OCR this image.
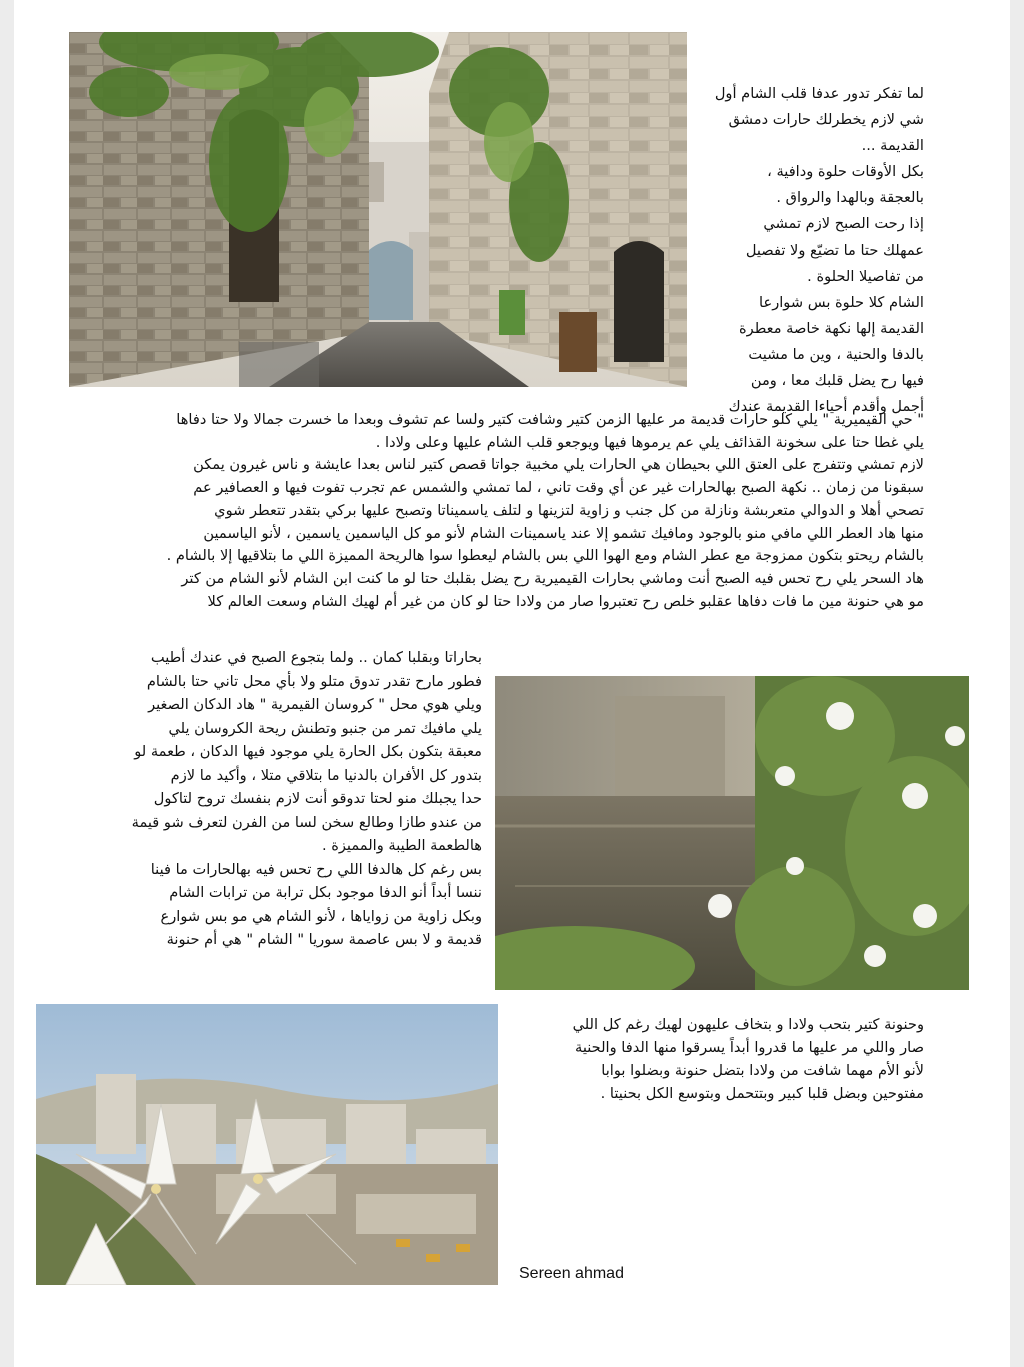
لما تفكر تدور عدفا قلب الشام أول

شي لازم يخطرلك حارات دمشق

القديمة ...

بكل الأوقات حلوة ودافية ،

بالعجقة وبالهدا والرواق .

إذا رحت الصبح لازم تمشي

عمهلك حتا ما تضيّع ولا تفصيل

من تفاصيلا الحلوة .

الشام كلا حلوة بس شوارعا

القديمة إلها نكهة خاصة معطرة

بالدفا والحنية ، وين ما مشيت

فيها رح يضل قلبك معا ، ومن

أجمل وأقدم أحياءا القديمة عندك

" حي القيميرية " يلي كلو حارات قديمة مر عليها الزمن كتير وشافت كتير ولسا عم تشوف وبعدا ما خسرت جمالا ولا حتا دفاها

يلي غطا حتا على سخونة القذائف يلي عم يرموها فيها ويوجعو قلب الشام عليها وعلى ولادا .

لازم تمشي وتتفرج على العتق اللي بحيطان هي الحارات يلي مخبية جواتا قصص كتير لناس بعدا عايشة و ناس غيرون يمكن

سبقونا من زمان .. نكهة الصبح بهالحارات غير عن أي وقت تاني ، لما تمشي والشمس عم تجرب تفوت فيها و العصافير عم

تصحي أهلا و الدوالي متعربشة ونازلة من كل جنب و زاوية لتزينها و لتلف ياسميناتا وتصبح عليها بركي بتقدر تتعطر شوي

منها هاد العطر اللي مافي منو بالوجود ومافيك تشمو إلا عند ياسمينات الشام لأنو مو كل الياسمين ياسمين ، لأنو الياسمين

بالشام ريحتو بتكون ممزوجة مع عطر الشام ومع الهوا اللي بس بالشام ليعطوا سوا هالريحة المميزة اللي ما بتلاقيها إلا بالشام .

هاد السحر يلي رح تحس فيه الصبح أنت وماشي بحارات القيميرية رح يضل بقلبك حتا لو ما كنت ابن الشام لأنو الشام من كتر

مو هي حنونة مين ما فات دفاها عقلبو خلص رح تعتبروا صار من ولادا حتا لو كان من غير أم لهيك الشام وسعت العالم كلا

بحاراتا وبقلبا كمان .. ولما بتجوع الصبح في عندك أطيب

فطور مارح تقدر تدوق متلو ولا بأي محل تاني حتا بالشام

ويلي هوي محل " كروسان القيمرية " هاد الدكان الصغير

يلي مافيك تمر من جنبو وتطنش ريحة الكروسان يلي

معبقة بتكون بكل الحارة يلي موجود فيها الدكان ، طعمة لو

بتدور كل الأفران بالدنيا ما بتلاقي متلا ، وأكيد ما لازم

حدا يجبلك منو لحتا تدوقو أنت لازم بنفسك تروح لتاكول

من عندو طازا وطالع سخن لسا من الفرن لتعرف شو قيمة

هالطعمة الطيبة والمميزة .

بس رغم كل هالدفا اللي رح تحس فيه بهالحارات ما فينا

ننسا أبداً أنو الدفا موجود بكل ترابة من ترابات الشام

وبكل زاوية من زواياها ، لأنو الشام هي مو بس شوارع

قديمة و لا بس عاصمة سوريا " الشام " هي أم حنونة

وحنونة كتير بتحب ولادا و بتخاف عليهون لهيك رغم كل اللي

صار واللي مر عليها ما قدروا أبداً يسرقوا منها الدفا والحنية

لأنو الأم مهما شافت من ولادا بتضل حنونة وبضلوا بوابا

مفتوحين وبضل قلبا كبير وبتتحمل وبتوسع الكل بحنيتا .

Sereen ahmad
